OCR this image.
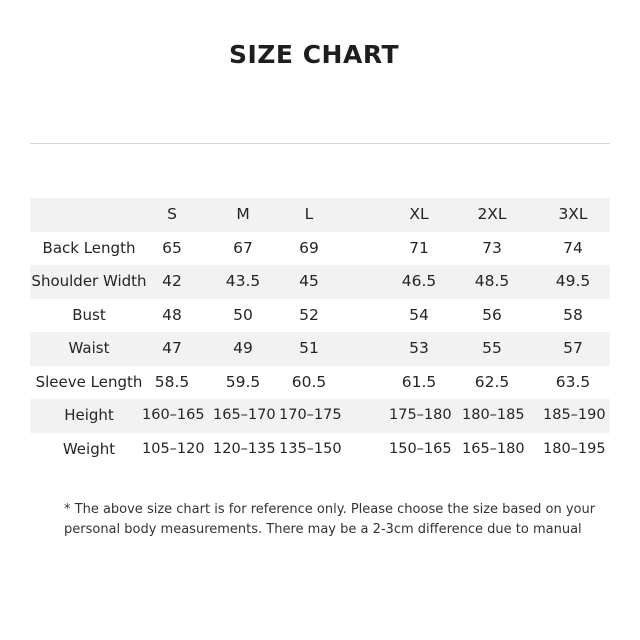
SIZE CHART
S	M	L	XL	2XL	3XL
Back Length	65	67	69	71	73	74
Shoulder Width	42	43.5	45	46.5	48.5	49.5
Bust	48	50	52	54	56	58
Waist	47	49	51	53	55	57
Sleeve Length 58.5	59.5	60.5	61.5	62.5	63.5
Height	160–165 165–170 170–175	175–180 180–185 185–190
Weight	105–120 120–135 135–150	150–165 165–180 180–195
* The above size chart is for reference only. Please choose the size based on your
personal body measurements. There may be a 2-3cm difference due to manual
